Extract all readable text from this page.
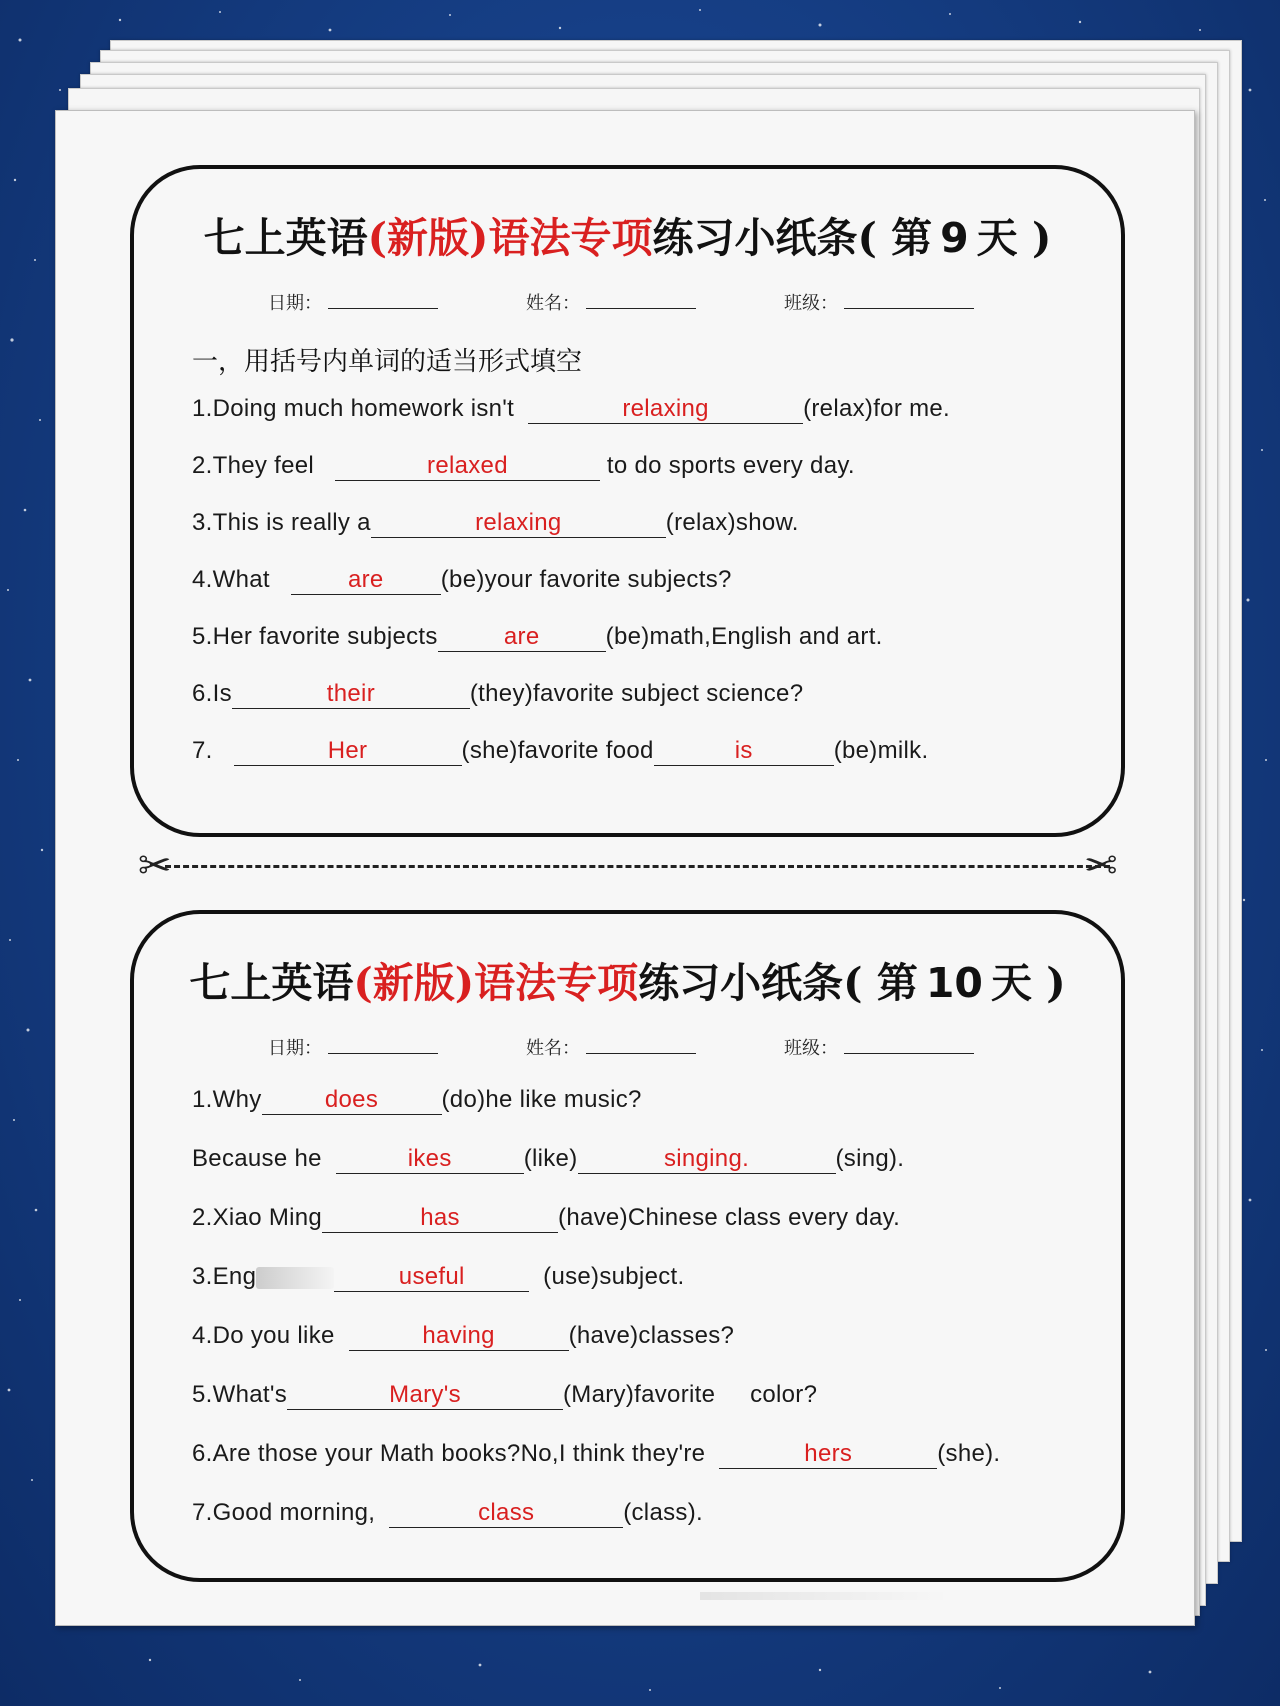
七上英语(新版)语法专项练习小纸条( 第 9 天 )
日期：	姓名：	班级：
一，用括号内单词的适当形式填空
1.Doing much homework isn't	relaxing	(relax)for me.
2.They feel	relaxed	to do sports every day.
3.This is really a	relaxing	(relax)show.
4.What	are (be)your favorite subjects?
5.Her favorite subjects	are	(be)math,English and art.
6.Is	their	(they)favorite subject science?
7.	Her	(she)favorite food	is	(be)milk.
✂	✂
七上英语(新版)语法专项练习小纸条( 第 10 天 )
日期：	姓名：	班级：
1.Why	does	(do)he like music?
Because he	ikes	(like)	singing.	(sing).
2.Xiao Ming	has	(have)Chinese class every day.
3.Eng	useful	(use)subject.
4.Do you like	having	(have)classes?
5.What's	Mary's	(Mary)favorite     color?
6.Are those your Math books?No,I think they're	hers	(she).
7.Good morning,	class	(class).
